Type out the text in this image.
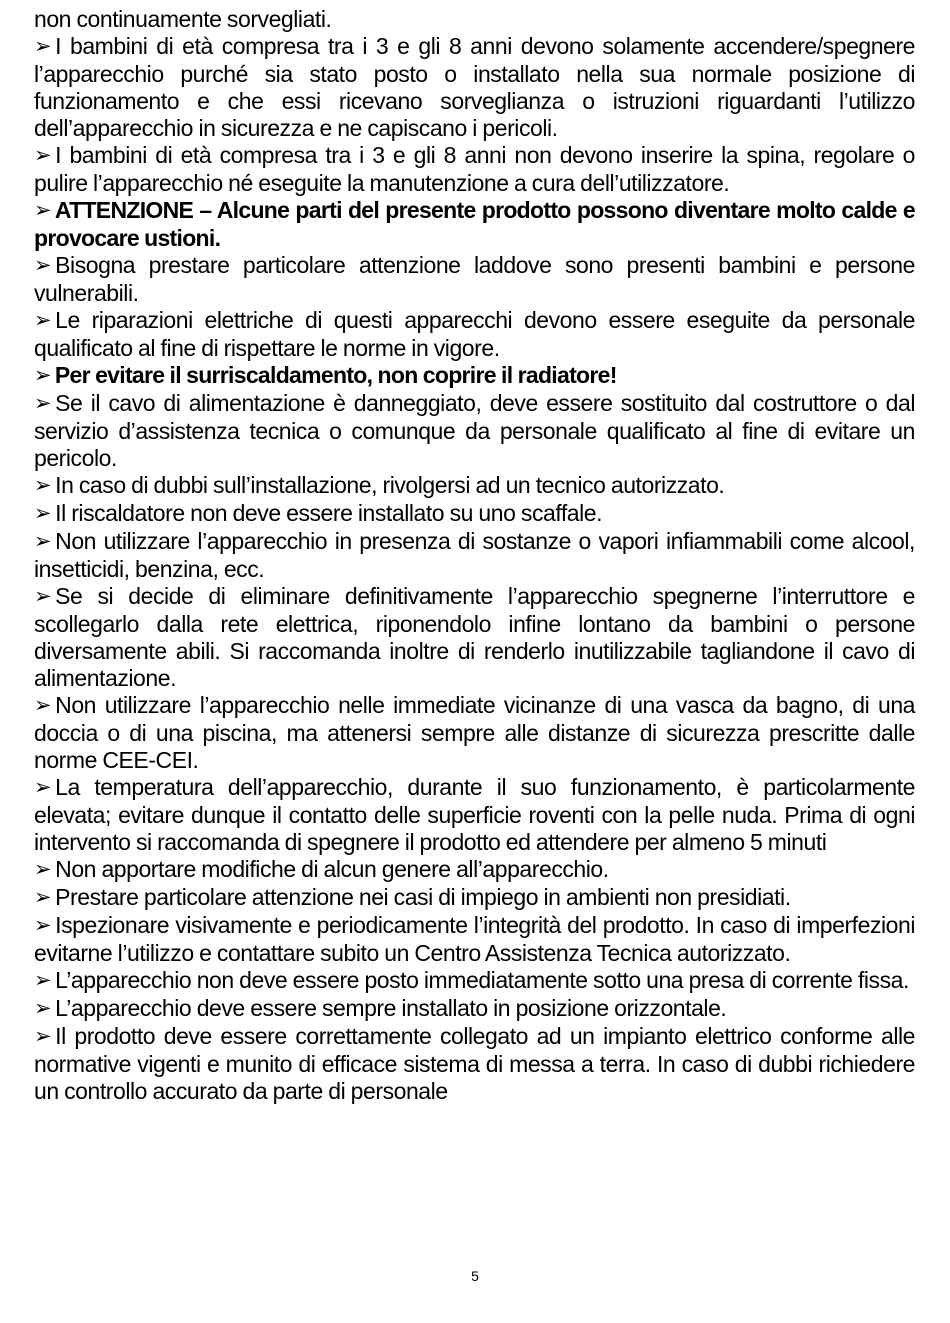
non continuamente sorvegliati.

➢ I bambini di età compresa tra i 3 e gli 8 anni devono solamente accendere/spegnere l’apparecchio purché sia stato posto o installato nella sua normale posizione di funzionamento e che essi ricevano sorveglianza o istruzioni riguardanti l’utilizzo dell’apparecchio in sicurezza e ne capiscano i pericoli.

➢ I bambini di età compresa tra i 3 e gli 8 anni non devono inserire la spina, regolare o pulire l’apparecchio né eseguite la manutenzione a cura dell’utilizzatore.

➢ ATTENZIONE – Alcune parti del presente prodotto possono diventare molto calde e provocare ustioni.

➢ Bisogna prestare particolare attenzione laddove sono presenti bambini e persone vulnerabili.

➢ Le riparazioni elettriche di questi apparecchi devono essere eseguite da personale qualificato al fine di rispettare le norme in vigore.

➢ Per evitare il surriscaldamento, non coprire il radiatore!

➢ Se il cavo di alimentazione è danneggiato, deve essere sostituito dal costruttore o dal servizio d’assistenza tecnica o comunque da personale qualificato al fine di evitare un pericolo.

➢ In caso di dubbi sull’installazione, rivolgersi ad un tecnico autorizzato.

➢ Il riscaldatore non deve essere installato su uno scaffale.

➢ Non utilizzare l’apparecchio in presenza di sostanze o vapori infiammabili come alcool, insetticidi, benzina, ecc.

➢ Se si decide di eliminare definitivamente l’apparecchio spegnerne l’interruttore e scollegarlo dalla rete elettrica, riponendolo infine lontano da bambini o persone diversamente abili. Si raccomanda inoltre di renderlo inutilizzabile tagliandone il cavo di alimentazione.

➢ Non utilizzare l’apparecchio nelle immediate vicinanze di una vasca da bagno, di una doccia o di una piscina, ma attenersi sempre alle distanze di sicurezza prescritte dalle norme CEE-CEI.

➢ La temperatura dell’apparecchio, durante il suo funzionamento, è particolarmente elevata; evitare dunque il contatto delle superficie roventi con la pelle nuda. Prima di ogni intervento si raccomanda di spegnere il prodotto ed attendere per almeno 5 minuti

➢ Non apportare modifiche di alcun genere all’apparecchio.

➢ Prestare particolare attenzione nei casi di impiego in ambienti non presidiati.

➢ Ispezionare visivamente e periodicamente l’integrità del prodotto. In caso di imperfezioni evitarne l’utilizzo e contattare subito un Centro Assistenza Tecnica autorizzato.

➢ L’apparecchio non deve essere posto immediatamente sotto una presa di corrente fissa.

➢ L’apparecchio deve essere sempre installato in posizione orizzontale.

➢ Il prodotto deve essere correttamente collegato ad un impianto elettrico conforme alle normative vigenti e munito di efficace sistema di messa a terra. In caso di dubbi richiedere un controllo accurato da parte di personale

5
